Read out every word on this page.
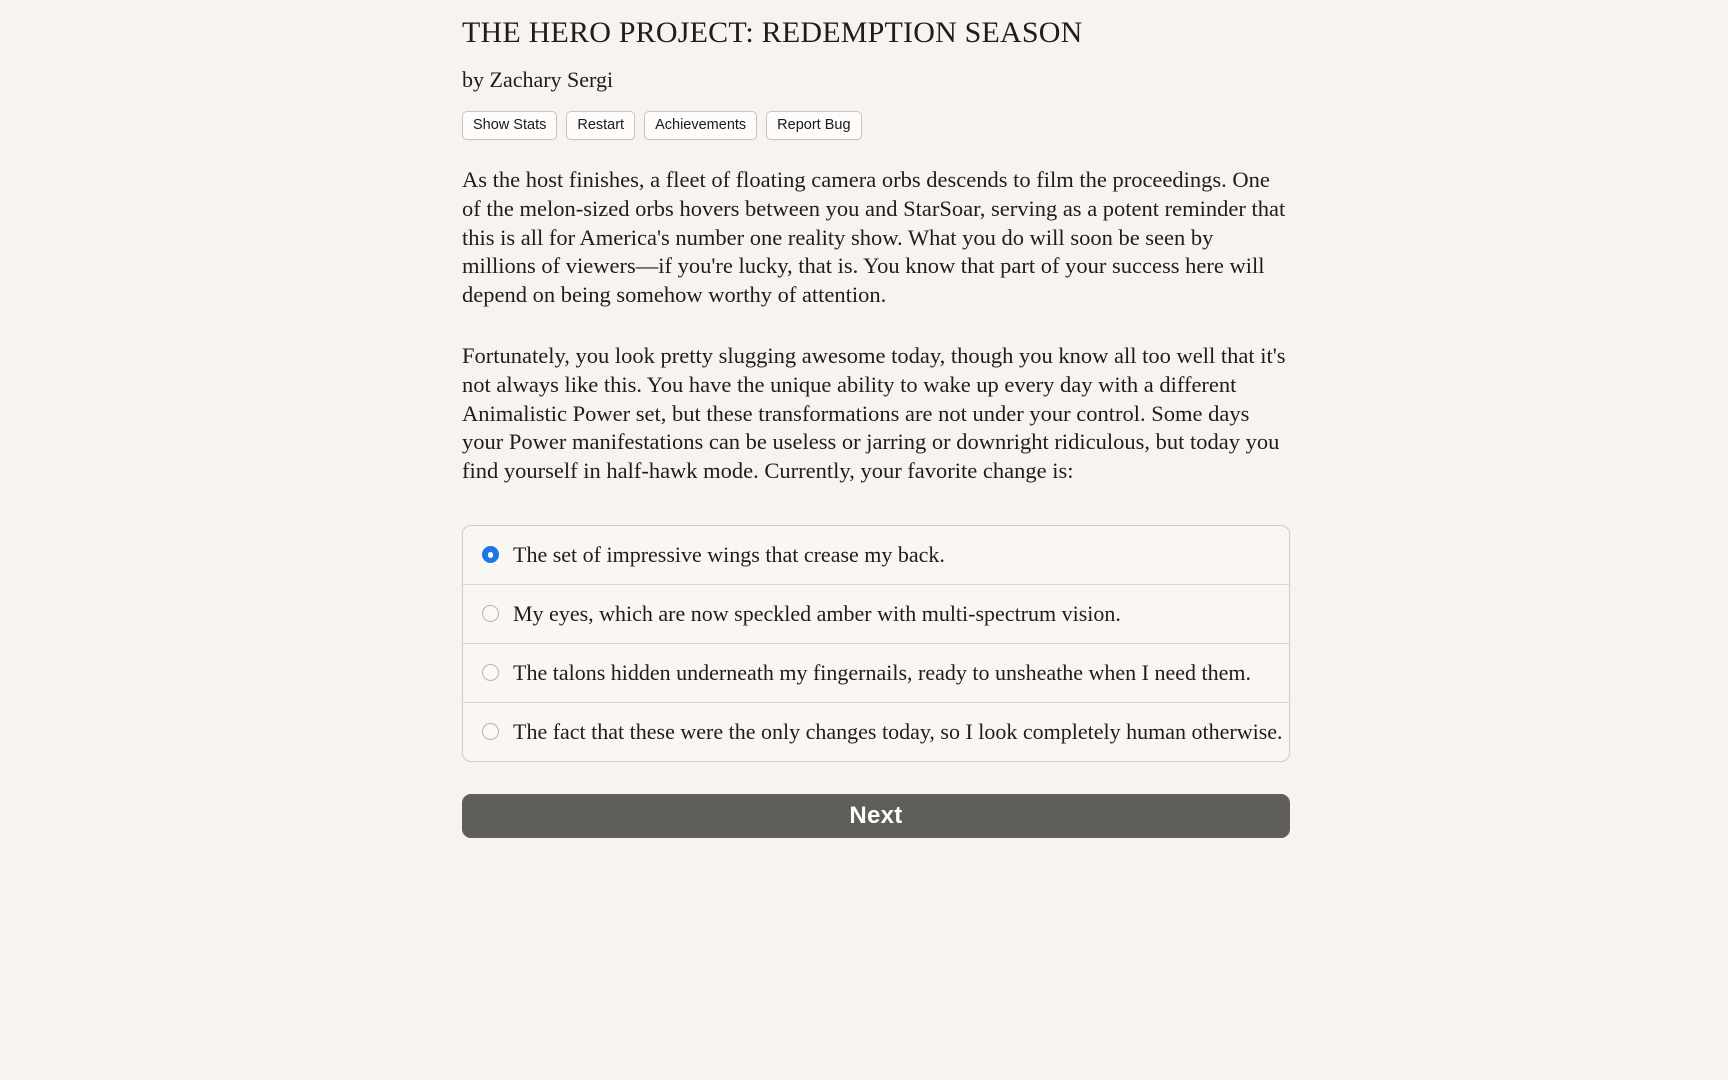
THE HERO PROJECT: REDEMPTION SEASON
by Zachary Sergi
Show Stats	Restart	Achievements	Report Bug

As the host finishes, a fleet of floating camera orbs descends to film the proceedings. One of the melon-sized orbs hovers between you and StarSoar, serving as a potent reminder that this is all for America's number one reality show. What you do will soon be seen by millions of viewers—if you're lucky, that is. You know that part of your success here will depend on being somehow worthy of attention.

Fortunately, you look pretty slugging awesome today, though you know all too well that it's not always like this. You have the unique ability to wake up every day with a different Animalistic Power set, but these transformations are not under your control. Some days your Power manifestations can be useless or jarring or downright ridiculous, but today you find yourself in half-hawk mode. Currently, your favorite change is:

The set of impressive wings that crease my back.
My eyes, which are now speckled amber with multi-spectrum vision.
The talons hidden underneath my fingernails, ready to unsheathe when I need them.
The fact that these were the only changes today, so I look completely human otherwise.
Next
